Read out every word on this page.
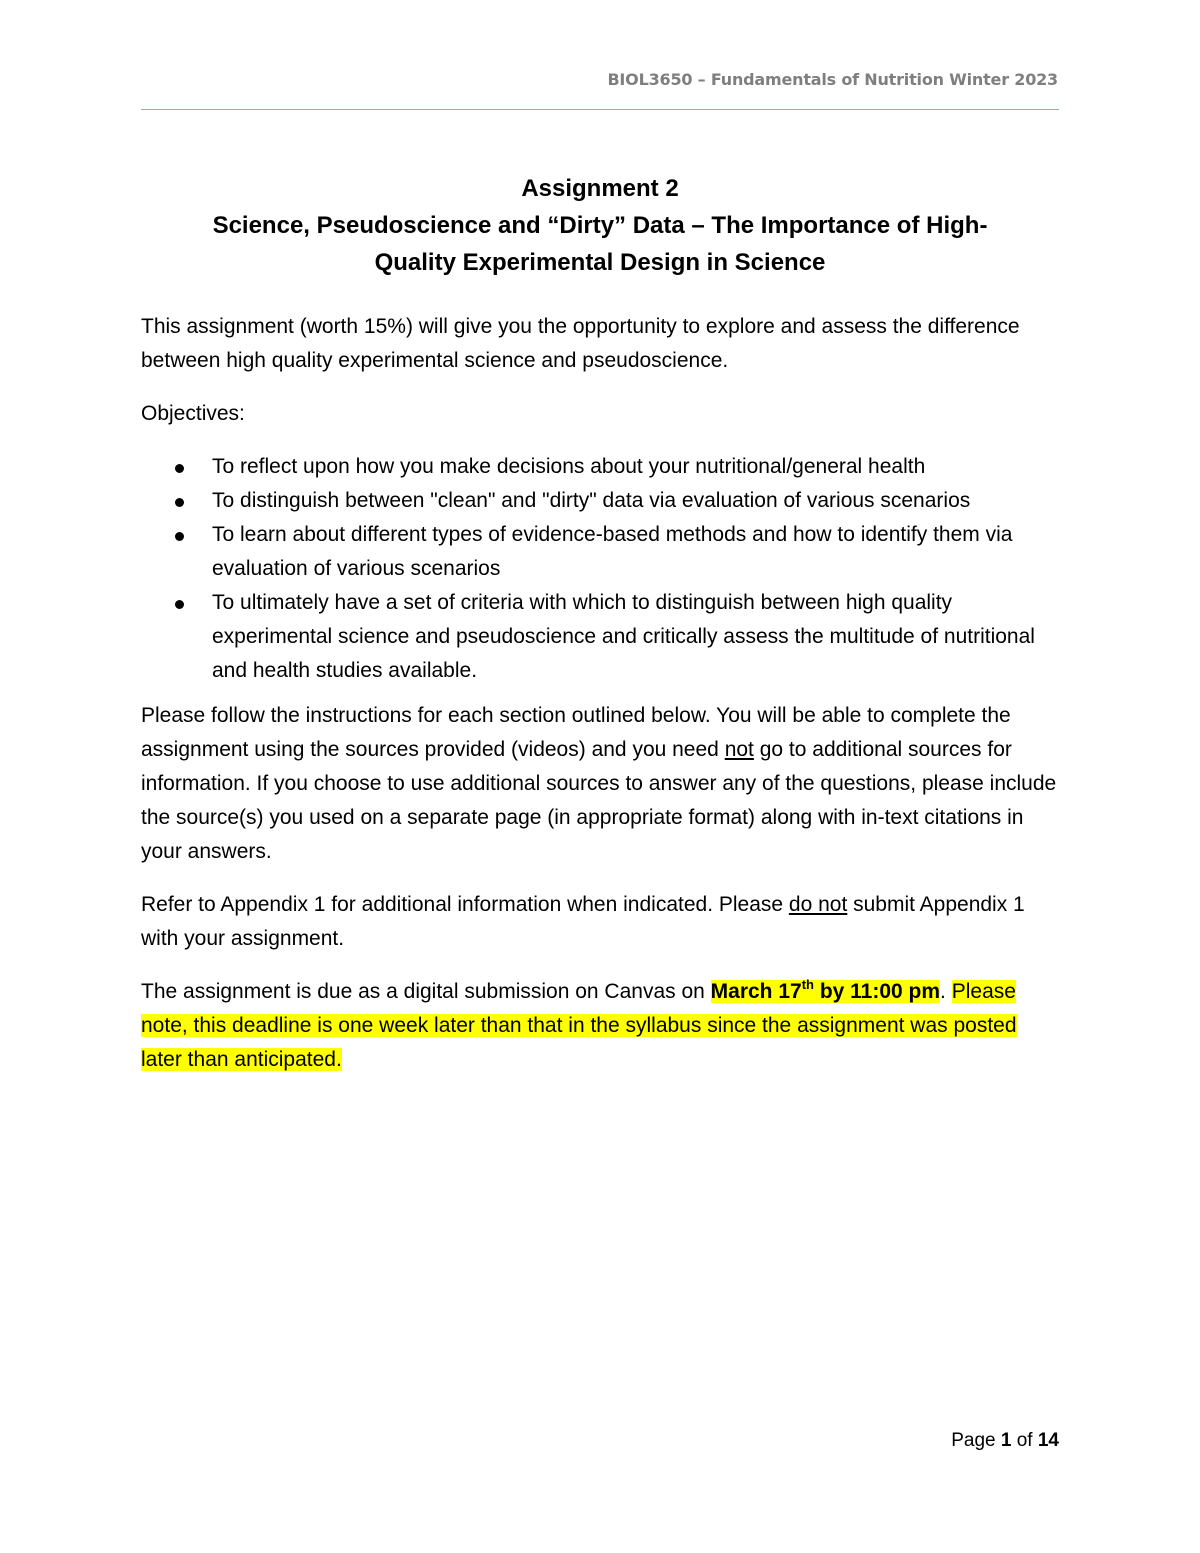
BIOL3650 – Fundamentals of Nutrition Winter 2023
Assignment 2
Science, Pseudoscience and “Dirty” Data – The Importance of High-
Quality Experimental Design in Science

This assignment (worth 15%) will give you the opportunity to explore and assess the difference between high quality experimental science and pseudoscience.

Objectives:

To reflect upon how you make decisions about your nutritional/general health
To distinguish between "clean" and "dirty" data via evaluation of various scenarios
To learn about different types of evidence-based methods and how to identify them via evaluation of various scenarios
To ultimately have a set of criteria with which to distinguish between high quality experimental science and pseudoscience and critically assess the multitude of nutritional and health studies available.

Please follow the instructions for each section outlined below. You will be able to complete the assignment using the sources provided (videos) and you need not go to additional sources for information. If you choose to use additional sources to answer any of the questions, please include the source(s) you used on a separate page (in appropriate format) along with in-text citations in your answers.

Refer to Appendix 1 for additional information when indicated. Please do not submit Appendix 1 with your assignment.

The assignment is due as a digital submission on Canvas on March 17th by 11:00 pm. Please note, this deadline is one week later than that in the syllabus since the assignment was posted later than anticipated.

Page 1 of 14
